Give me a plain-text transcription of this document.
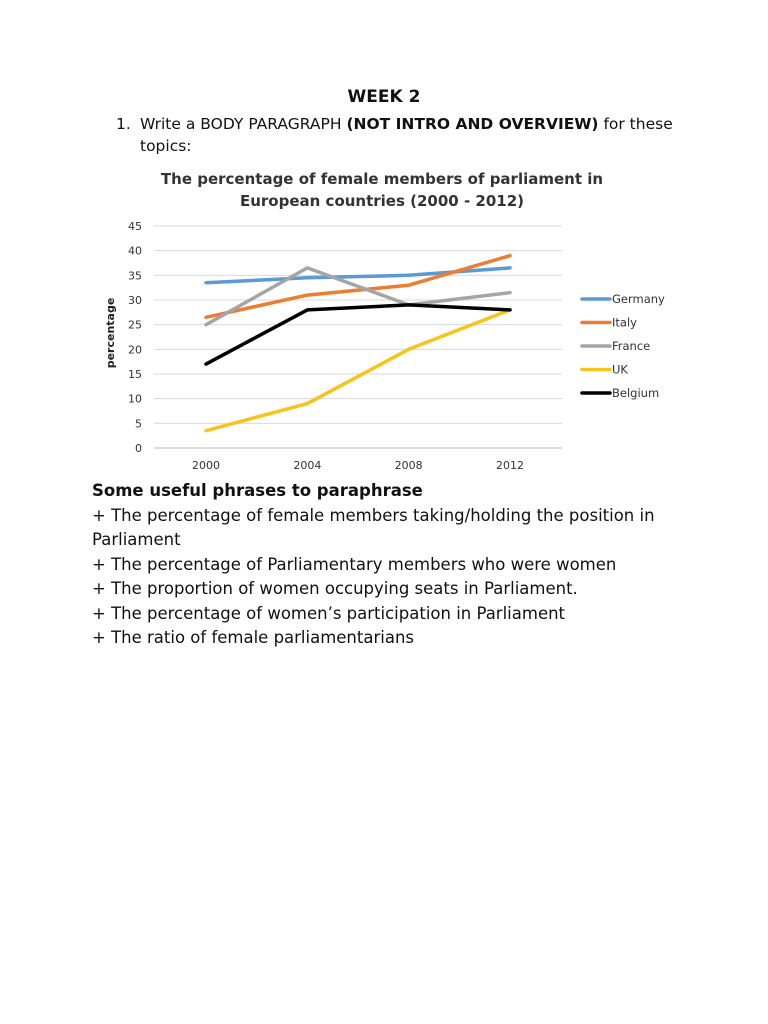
WEEK 2
1. Write a BODY PARAGRAPH (NOT INTRO AND OVERVIEW) for these topics:
The percentage of female members of parliament in
European countries (2000 - 2012)
0
5
10
15
20
25
30
35
40
45
2000	2004	2008	2012
Germany
Italy
France
UK
Belgium
percentage

Some useful phrases to paraphrase

+ The percentage of female members taking/holding the position in Parliament

+ The percentage of Parliamentary members who were women

+ The proportion of women occupying seats in Parliament.

+ The percentage of women’s participation in Parliament

+ The ratio of female parliamentarians
